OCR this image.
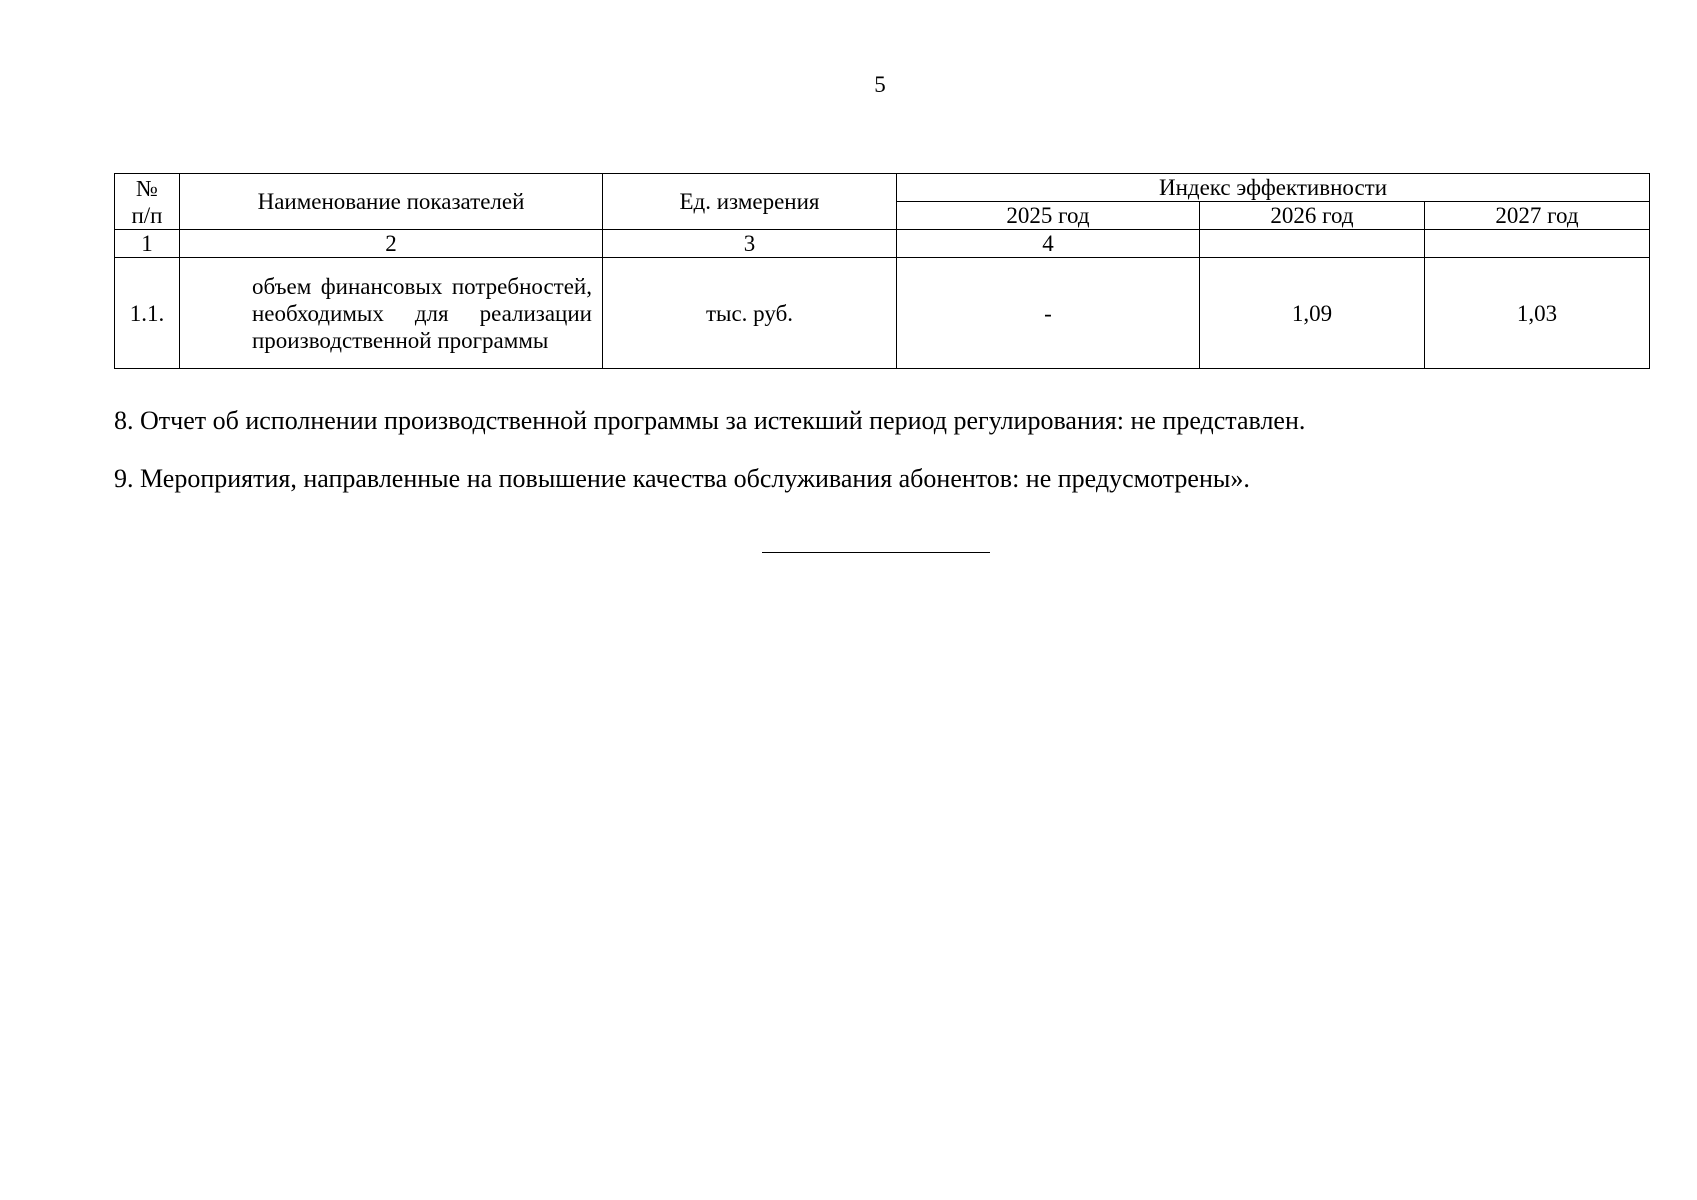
5
№ п/п	Наименование показателей	Ед. измерения	Индекс эффективности		
			2025 год	2026 год	2027 год
1	2	3	4		
1.1.	объем финансовых потребностей, необходимых для реализации производственной программы	тыс. руб.	-	1,09	1,03
8. Отчет об исполнении производственной программы за истекший период регулирования: не представлен.
9. Мероприятия, направленные на повышение качества обслуживания абонентов: не предусмотрены».
